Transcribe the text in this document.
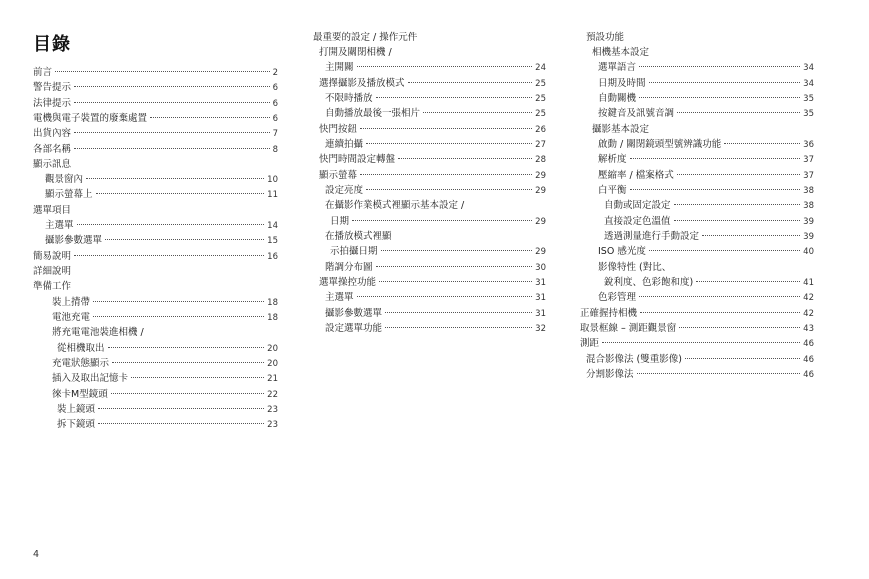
目錄
前言	2
警告提示	6
法律提示	6
電機與電子裝置的廢棄處置	6
出貨內容	7
各部名稱	8
顯示訊息
觀景窗內	10
顯示螢幕上	11
選單項目
主選單	14
攝影參數選單	15
簡易說明	16
詳細說明
準備工作
裝上揹帶	18
電池充電	18
將充電電池裝進相機 /
從相機取出	20
充電狀態顯示	20
插入及取出記憶卡	21
徠卡M型鏡頭	22
裝上鏡頭	23
拆下鏡頭	23
最重要的設定 / 操作元件
打開及關閉相機 /
主開關	24
選擇攝影及播放模式	25
不限時播放	25
自動播放最後一張相片	25
快門按鈕	26
連續拍攝	27
快門時間設定轉盤	28
顯示螢幕	29
設定亮度	29
在攝影作業模式裡顯示基本設定 /
日期	29
在播放模式裡顯
示拍攝日期	29
階調分布圖	30
選單操控功能	31
主選單	31
攝影參數選單	31
設定選單功能	32
預設功能
相機基本設定
選單語言	34
日期及時間	34
自動關機	35
按鍵音及訊號音調	35
攝影基本設定
啟動 / 關閉鏡頭型號辨識功能	36
解析度	37
壓縮率 / 檔案格式	37
白平衡	38
自動或固定設定	38
直接設定色溫值	39
透過測量進行手動設定	39
ISO 感光度	40
影像特性 (對比、
銳利度、色彩飽和度)	41
色彩管理	42
正確握持相機	42
取景框線 – 測距觀景窗	43
測距	46
混合影像法 (雙重影像)	46
分割影像法	46
4
